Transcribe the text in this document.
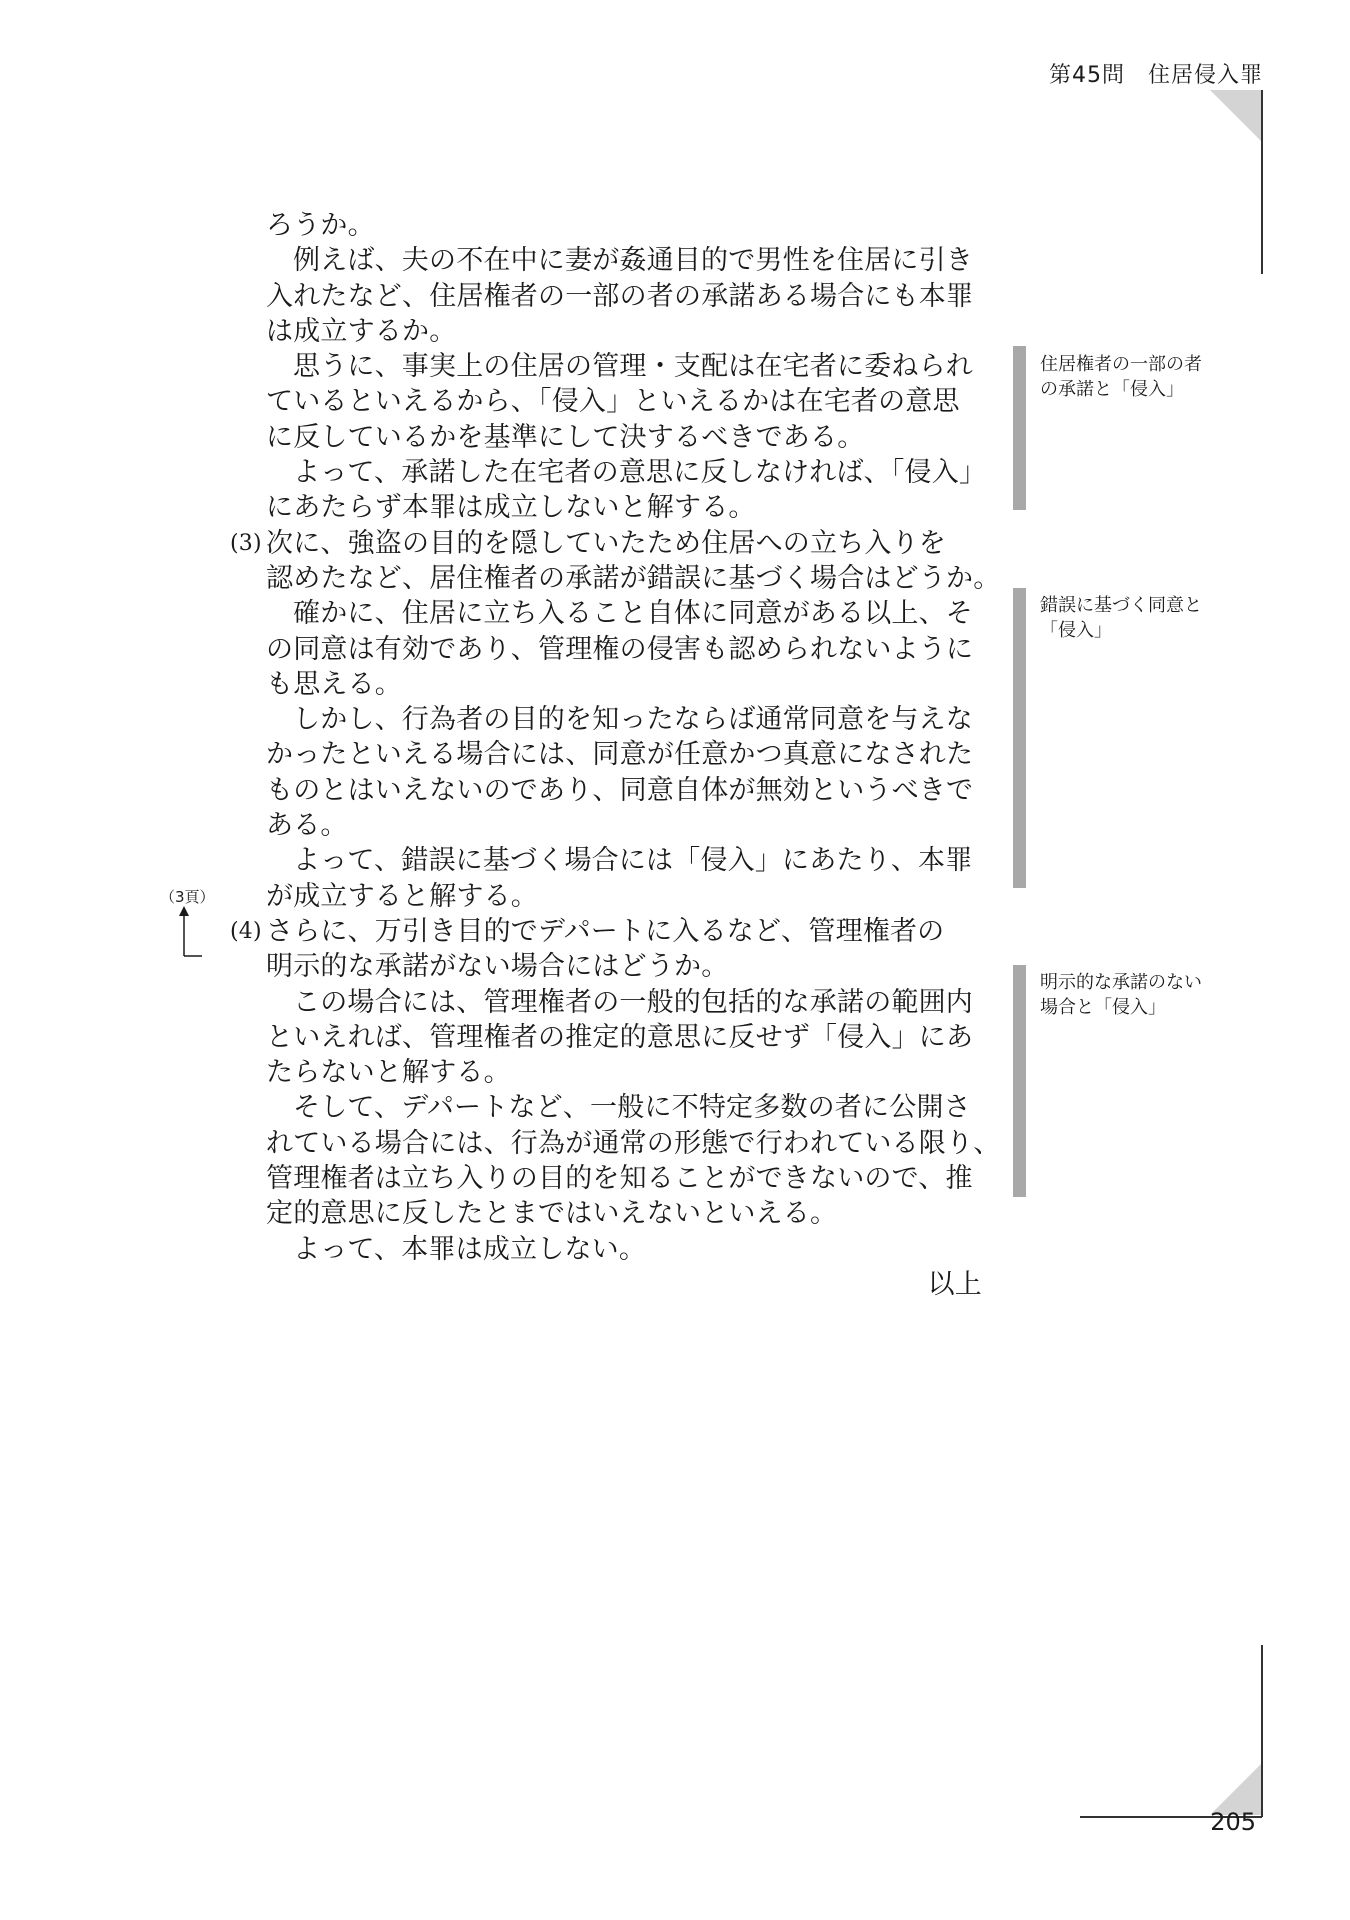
第45問　住居侵入罪
ろうか。
例えば、夫の不在中に妻が姦通目的で男性を住居に引き
入れたなど、住居権者の一部の者の承諾ある場合にも本罪
は成立するか。
思うに、事実上の住居の管理・支配は在宅者に委ねられ
ているといえるから、「侵入」といえるかは在宅者の意思
に反しているかを基準にして決するべきである。
よって、承諾した在宅者の意思に反しなければ、「侵入」
にあたらず本罪は成立しないと解する。
(3) 次に、強盗の目的を隠していたため住居への立ち入りを
認めたなど、居住権者の承諾が錯誤に基づく場合はどうか。
確かに、住居に立ち入ること自体に同意がある以上、そ
の同意は有効であり、管理権の侵害も認められないように
も思える。
しかし、行為者の目的を知ったならば通常同意を与えな
かったといえる場合には、同意が任意かつ真意になされた
ものとはいえないのであり、同意自体が無効というべきで
ある。
よって、錯誤に基づく場合には「侵入」にあたり、本罪
が成立すると解する。
(4) さらに、万引き目的でデパートに入るなど、管理権者の
明示的な承諾がない場合にはどうか。
この場合には、管理権者の一般的包括的な承諾の範囲内
といえれば、管理権者の推定的意思に反せず「侵入」にあ
たらないと解する。
そして、デパートなど、一般に不特定多数の者に公開さ
れている場合には、行為が通常の形態で行われている限り、
管理権者は立ち入りの目的を知ることができないので、推
定的意思に反したとまではいえないといえる。
よって、本罪は成立しない。
以上
住居権者の一部の者
の承諾と「侵入」
錯誤に基づく同意と
「侵入」
明示的な承諾のない
場合と「侵入」
（3頁）
205
